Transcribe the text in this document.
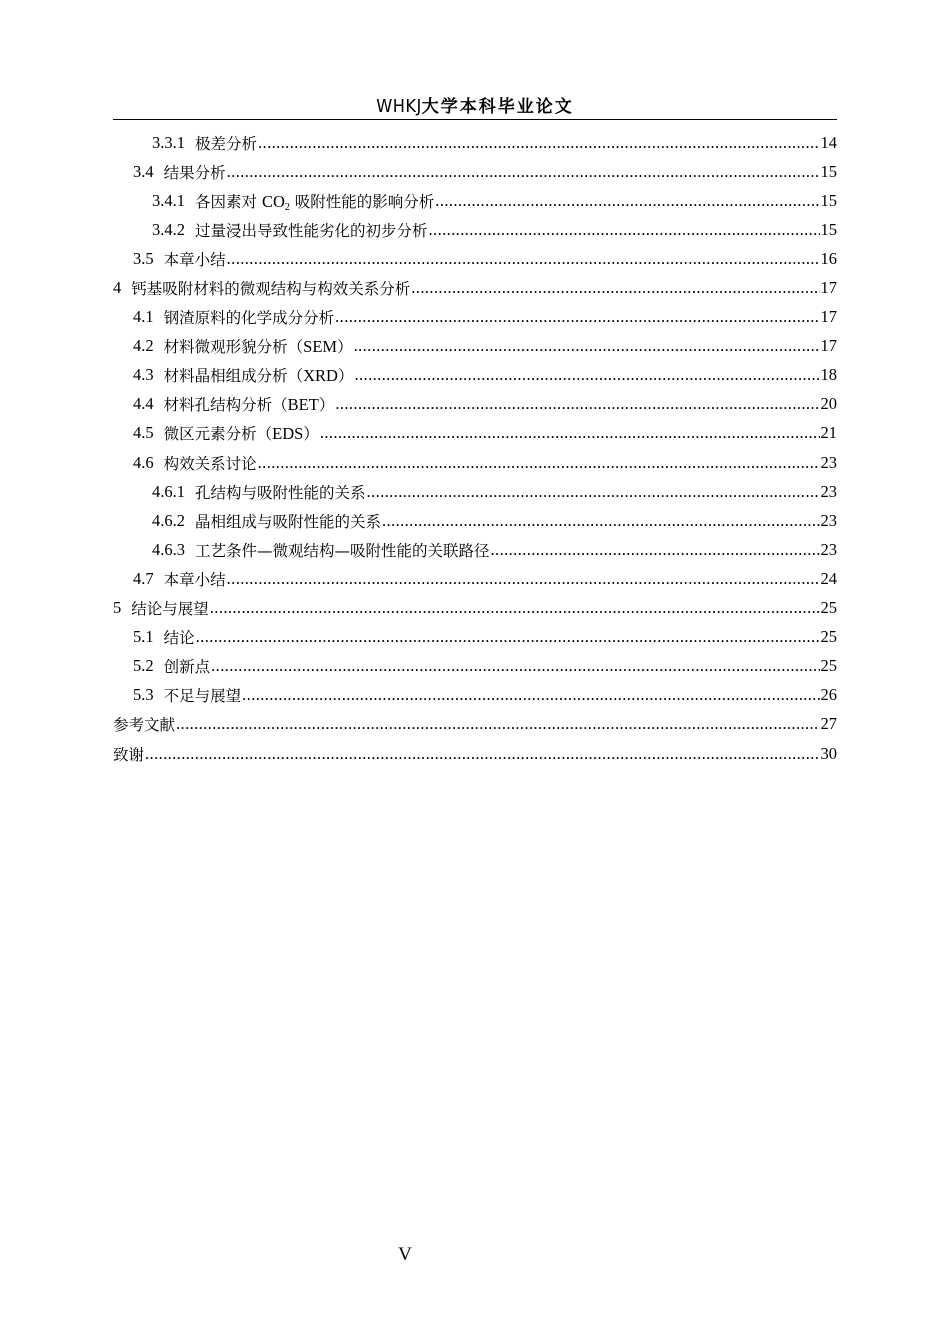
WHKJ大学本科毕业论文
3.3.1 极差分析 .....	14
3.4 结果分析 .....	15
3.4.1 各因素对 $CO_2$ 吸附性能的影响分析 .....	15
3.4.2 过量浸出导致性能劣化的初步分析 .....	15
3.5 本章小结 .....	16
4 钙基吸附材料的微观结构与构效关系分析 .....	17
4.1 钢渣原料的化学成分分析 .....	17
4.2 材料微观形貌分析（SEM） .....	17
4.3 材料晶相组成分析（XRD） .....	18
4.4 材料孔结构分析（BET） .....	20
4.5 微区元素分析（EDS） .....	21
4.6 构效关系讨论 .....	23
4.6.1 孔结构与吸附性能的关系 .....	23
4.6.2 晶相组成与吸附性能的关系 .....	23
4.6.3 工艺条件—微观结构—吸附性能的关联路径 .....	23
4.7 本章小结 .....	24
5 结论与展望 .....	25
5.1 结论 .....	25
5.2 创新点 .....	25
5.3 不足与展望 .....	26
参考文献 .....	27
致谢 .....	30
V
